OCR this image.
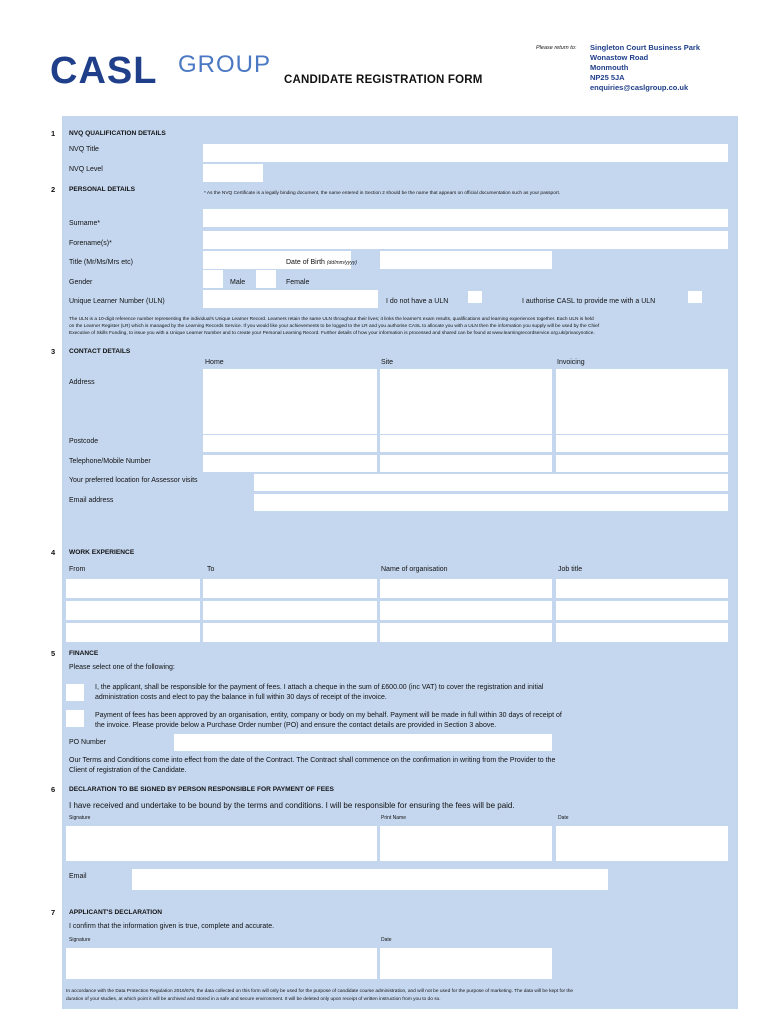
CASL GROUP
CANDIDATE REGISTRATION FORM
Please return to: Singleton Court Business Park
Wonastow Road
Monmouth
NP25 5JA
enquiries@caslgroup.co.uk
1 NVQ QUALIFICATION DETAILS
NVQ Title
NVQ Level
2 PERSONAL DETAILS
* As the NVQ Certificate is a legally binding document, the name entered in Section 2 should be the name that appears on official documentation such as your passport.
Surname*
Forename(s)*
Title (Mr/Ms/Mrs etc)	Date of Birth (dd/mm/yyyy)
Gender	Male	Female
Unique Learner Number (ULN)	I do not have a ULN	I authorise CASL to provide me with a ULN
The ULN is a 10-digit reference number representing the individual's Unique Learner Record. Learners retain the same ULN throughout their lives; it links the learner's exam results, qualifications and learning experiences together. Each ULN is held
on the Learner Register (LR) which is managed by the Learning Records Service. If you would like your achievements to be logged to the LR and you authorise CASL to allocate you with a ULN then the information you supply will be used by the Chief
Executive of Skills Funding, to issue you with a Unique Learner Number and to create your Personal Learning Record. Further details of how your information is processed and shared can be found at www.learningrecordservice.org.uk/privacynotice.
3 CONTACT DETAILS
Home	Site	Invoicing
Address
Postcode
Telephone/Mobile Number
Your preferred location for Assessor visits
Email address
4 WORK EXPERIENCE
From	To	Name of organisation	Job title
5 FINANCE
Please select one of the following:
I, the applicant, shall be responsible for the payment of fees. I attach a cheque in the sum of £600.00 (inc VAT) to cover the registration and initial
administration costs and elect to pay the balance in full within 30 days of receipt of the invoice.
Payment of fees has been approved by an organisation, entity, company or body on my behalf. Payment will be made in full within 30 days of receipt of
the invoice. Please provide below a Purchase Order number (PO) and ensure the contact details are provided in Section 3 above.
PO Number
Our Terms and Conditions come into effect from the date of the Contract. The Contract shall commence on the confirmation in writing from the Provider to the
Client of registration of the Candidate.
6 DECLARATION TO BE SIGNED BY PERSON RESPONSIBLE FOR PAYMENT OF FEES
I have received and undertake to be bound by the terms and conditions. I will be responsible for ensuring the fees will be paid.
Signature	Print Name	Date
Email
7 APPLICANT'S DECLARATION
I confirm that the information given is true, complete and accurate.
Signature	Date
In accordance with the Data Protection Regulation 2016/679, the data collected on this form will only be used for the purpose of candidate course administration, and will not be used for the purpose of marketing. The data will be kept for the
duration of your studies, at which point it will be archived and stored in a safe and secure environment. It will be deleted only upon receipt of written instruction from you to do so.
